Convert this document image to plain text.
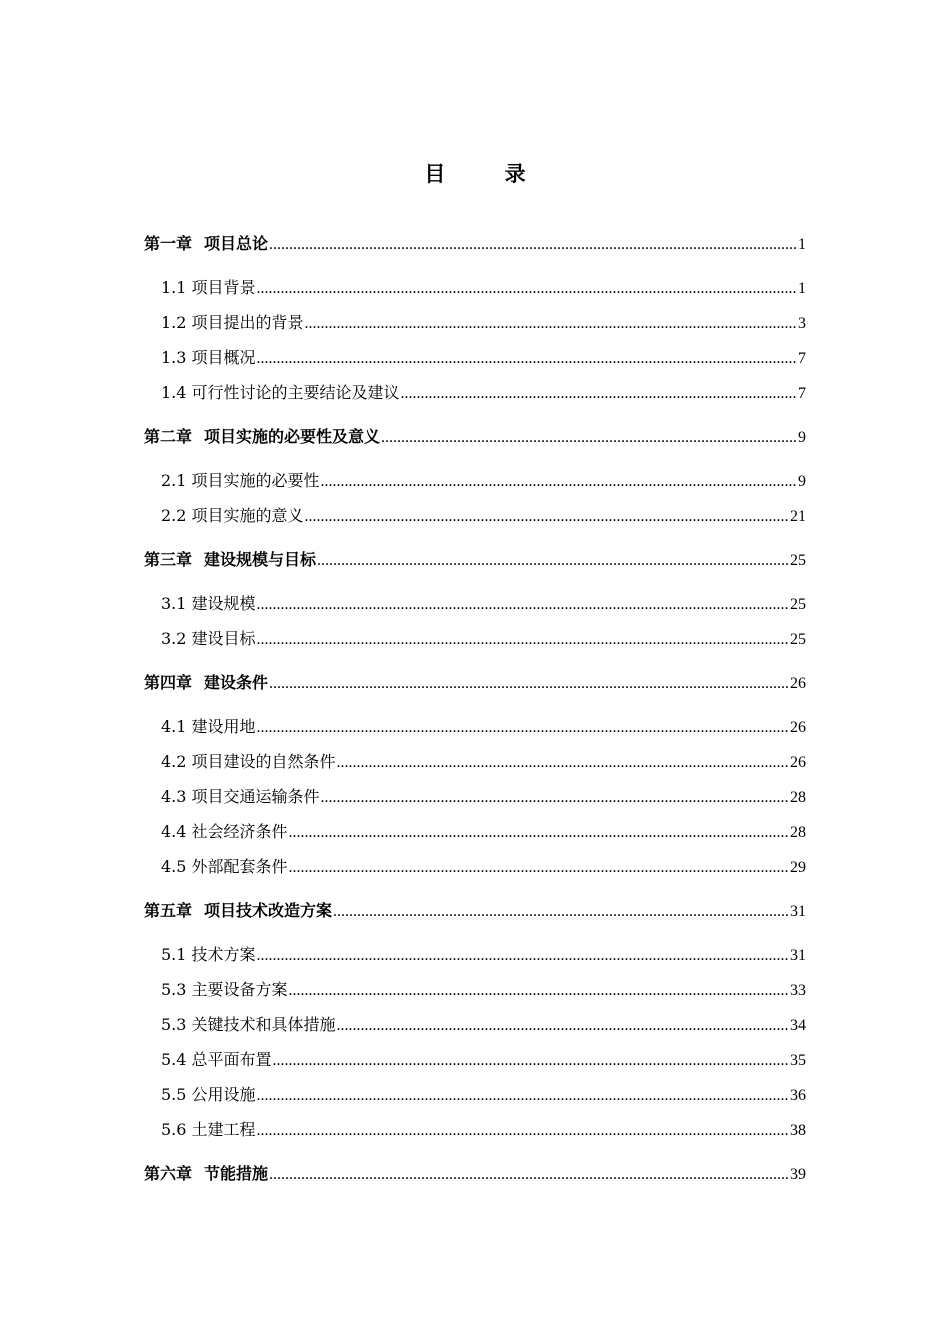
目 录
第一章 项目总论 .....	1
1.1 项目背景 .....	1
1.2 项目提出的背景 .....	3
1.3 项目概况 .....	7
1.4 可行性讨论的主要结论及建议 .....	7
第二章 项目实施的必要性及意义 .....	9
2.1 项目实施的必要性 .....	9
2.2 项目实施的意义 .....	21
第三章 建设规模与目标 .....	25
3.1 建设规模 .....	25
3.2 建设目标 .....	25
第四章 建设条件 .....	26
4.1 建设用地 .....	26
4.2 项目建设的自然条件 .....	26
4.3 项目交通运输条件 .....	28
4.4 社会经济条件 .....	28
4.5 外部配套条件 .....	29
第五章 项目技术改造方案 .....	31
5.1 技术方案 .....	31
5.3 主要设备方案 .....	33
5.3 关键技术和具体措施 .....	34
5.4 总平面布置 .....	35
5.5 公用设施 .....	36
5.6 土建工程 .....	38
第六章 节能措施 .....	39
